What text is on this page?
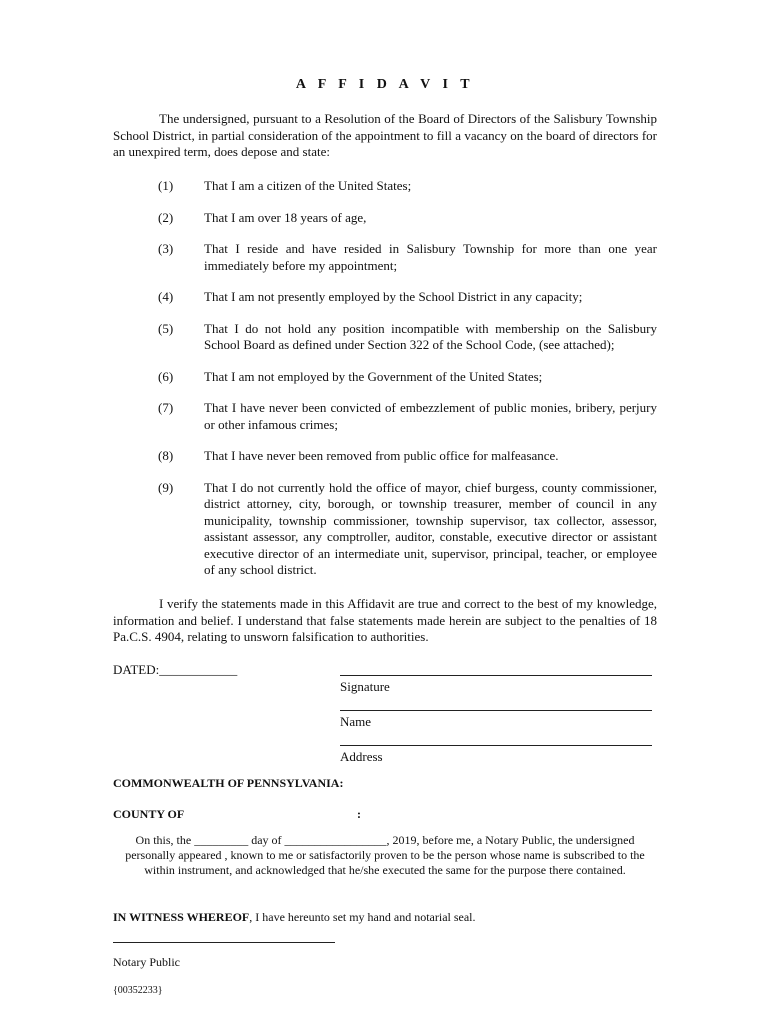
A F F I D A V I T

The undersigned, pursuant to a Resolution of the Board of Directors of the Salisbury Township School District, in partial consideration of the appointment to fill a vacancy on the board of directors for an unexpired term, does depose and state:

(1) That I am a citizen of the United States;
(2) That I am over 18 years of age,
(3) That I reside and have resided in Salisbury Township for more than one year immediately before my appointment;
(4) That I am not presently employed by the School District in any capacity;
(5) That I do not hold any position incompatible with membership on the Salisbury School Board as defined under Section 322 of the School Code, (see attached);
(6) That I am not employed by the Government of the United States;
(7) That I have never been convicted of embezzlement of public monies, bribery, perjury or other infamous crimes;
(8) That I have never been removed from public office for malfeasance.
(9) That I do not currently hold the office of mayor, chief burgess, county commissioner, district attorney, city, borough, or township treasurer, member of council in any municipality, township commissioner, township supervisor, tax collector, assessor, assistant assessor, any comptroller, auditor, constable, executive director or assistant executive director of an intermediate unit, supervisor, principal, teacher, or employee of any school district.

I verify the statements made in this Affidavit are true and correct to the best of my knowledge, information and belief. I understand that false statements made herein are subject to the penalties of 18 Pa.C.S. 4904, relating to unsworn falsification to authorities.

DATED:____________
Signature
Name
Address
COMMONWEALTH OF PENNSYLVANIA:
COUNTY OF	:

On this, the _________ day of _________________, 2019, before me, a Notary Public, the undersigned personally appeared , known to me or satisfactorily proven to be the person whose name is subscribed to the within instrument, and acknowledged that he/she executed the same for the purpose there contained.

IN WITNESS WHEREOF, I have hereunto set my hand and notarial seal.
Notary Public
{00352233}
